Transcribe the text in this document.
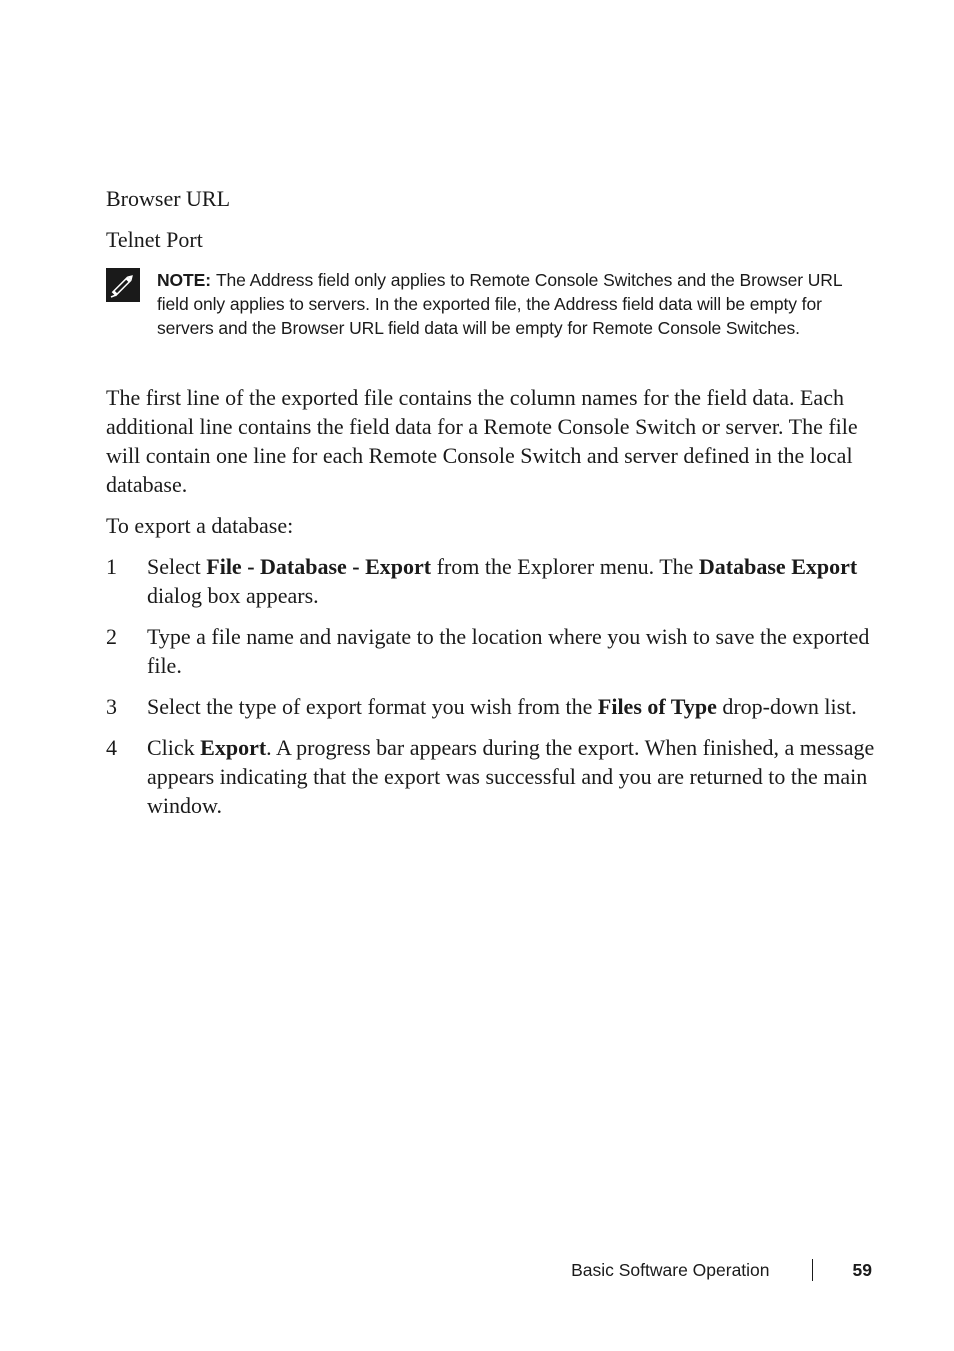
Browser URL

Telnet Port

NOTE: The Address field only applies to Remote Console Switches and the Browser URL field only applies to servers. In the exported file, the Address field data will be empty for servers and the Browser URL field data will be empty for Remote Console Switches.

The first line of the exported file contains the column names for the field data. Each additional line contains the field data for a Remote Console Switch or server. The file will contain one line for each Remote Console Switch and server defined in the local database.

To export a database:

1 Select File - Database - Export from the Explorer menu. The Database Export dialog box appears.
2 Type a file name and navigate to the location where you wish to save the exported file.
3 Select the type of export format you wish from the Files of Type drop-down list.
4 Click Export. A progress bar appears during the export. When finished, a message appears indicating that the export was successful and you are returned to the main window.
Basic Software Operation	59
